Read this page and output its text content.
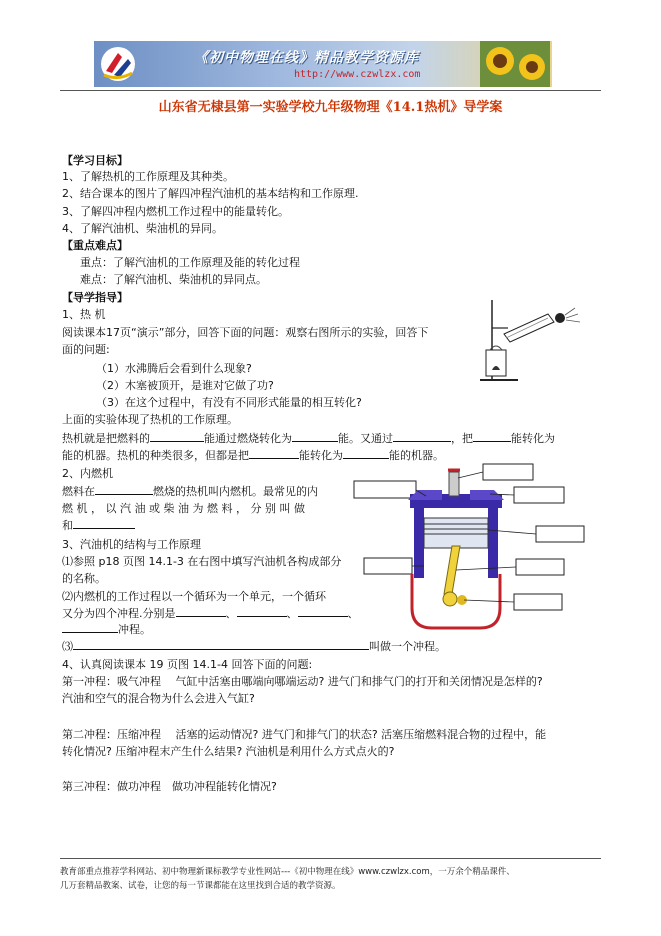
《初中物理在线》精品教学资源库
http://www.czwlzx.com
山东省无棣县第一实验学校九年级物理《14.1热机》导学案
【学习目标】
1、了解热机的工作原理及其种类。
2、结合课本的图片了解四冲程汽油机的基本结构和工作原理.
3、了解四冲程内燃机工作过程中的能量转化。
4、了解汽油机、柴油机的异同。
【重点难点】
重点：了解汽油机的工作原理及能的转化过程
难点：了解汽油机、柴油机的异同点。
【导学指导】
1、热 机
阅读课本17页“演示”部分，回答下面的问题：观察右图所示的实验，回答下
面的问题:
（1）水沸腾后会看到什么现象?
（2）木塞被顶开，是谁对它做了功?
（3）在这个过程中，有没有不同形式能量的相互转化?
上面的实验体现了热机的工作原理。
热机就是把燃料的	能通过燃烧转化为	能。又通过	，把	能转化为
能的机器。热机的种类很多，但都是把	能转化为	能的机器。
2、内燃机
燃料在	燃烧的热机叫内燃机。最常见的内
燃 机 ， 以 汽 油 或 柴 油 为 燃 料 ， 分 别 叫 做
和
3、汽油机的结构与工作原理
⑴参照 p18 页图 14.1-3 在右图中填写汽油机各构成部分
的名称。
⑵内燃机的工作过程以一个循环为一个单元，一个循环
又分为四个冲程.分别是	、	、	、
冲程。
⑶	叫做一个冲程。
4、认真阅读课本 19 页图 14.1-4 回答下面的问题:
第一冲程：吸气冲程　 气缸中活塞由哪端向哪端运动? 进气门和排气门的打开和关闭情况是怎样的?
汽油和空气的混合物为什么会进入气缸?
第二冲程：压缩冲程　 活塞的运动情况? 进气门和排气门的状态? 活塞压缩燃料混合物的过程中，能
转化情况? 压缩冲程末产生什么结果? 汽油机是利用什么方式点火的?
第三冲程：做功冲程　做功冲程能转化情况?
教育部重点推荐学科网站、初中物理新课标教学专业性网站---《初中物理在线》www.czwlzx.com，一万余个精品课件、
几万套精品教案、试卷，让您的每一节课都能在这里找到合适的教学资源。
